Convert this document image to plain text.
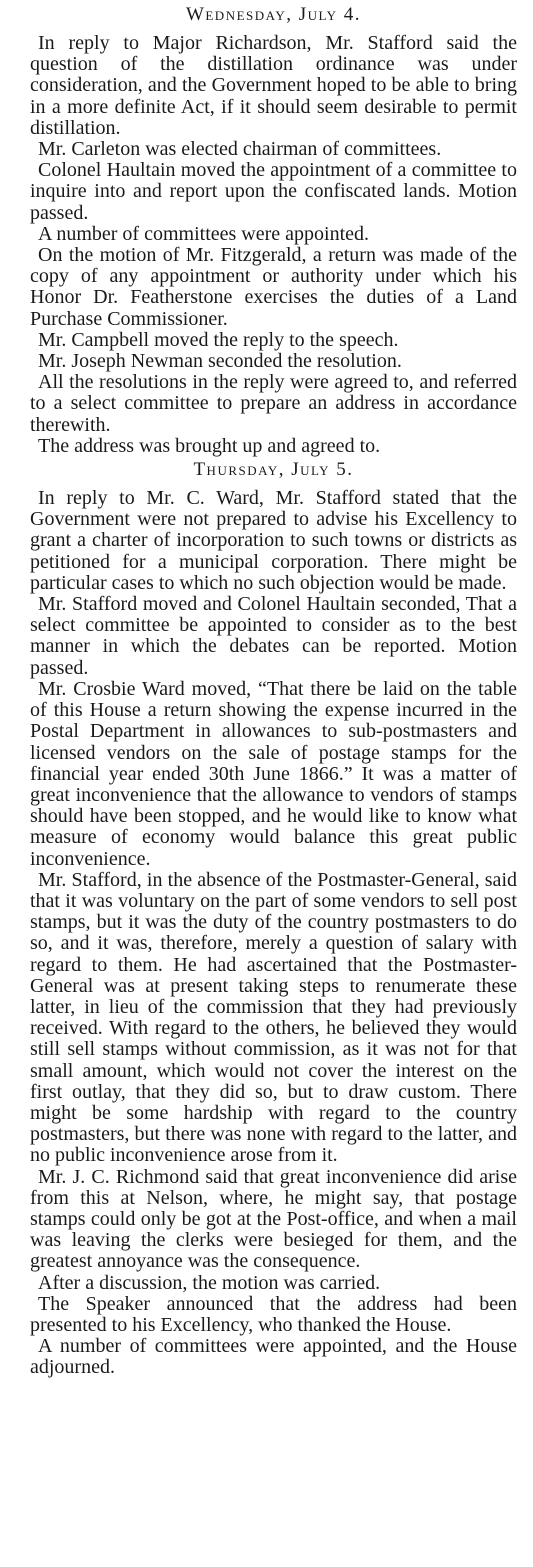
Wednesday, July 4.

In reply to Major Richardson, Mr. Stafford said the question of the distillation ordinance was under consideration, and the Government hoped to be able to bring in a more definite Act, if it should seem desirable to permit distillation.

Mr. Carleton was elected chairman of committees.

Colonel Haultain moved the appointment of a committee to inquire into and report upon the confiscated lands. Motion passed.

A number of committees were appointed.

On the motion of Mr. Fitzgerald, a return was made of the copy of any appointment or authority under which his Honor Dr. Featherstone exercises the duties of a Land Purchase Commissioner.

Mr. Campbell moved the reply to the speech.

Mr. Joseph Newman seconded the resolution.

All the resolutions in the reply were agreed to, and referred to a select committee to prepare an address in accordance therewith.

The address was brought up and agreed to.

Thursday, July 5.

In reply to Mr. C. Ward, Mr. Stafford stated that the Government were not prepared to advise his Excellency to grant a charter of incorporation to such towns or districts as petitioned for a municipal corporation. There might be particular cases to which no such objection would be made.

Mr. Stafford moved and Colonel Haultain seconded, That a select committee be appointed to consider as to the best manner in which the debates can be reported. Motion passed.

Mr. Crosbie Ward moved, “That there be laid on the table of this House a return showing the expense incurred in the Postal Department in allowances to sub-postmasters and licensed vendors on the sale of postage stamps for the financial year ended 30th June 1866.” It was a matter of great inconvenience that the allowance to vendors of stamps should have been stopped, and he would like to know what measure of economy would balance this great public inconvenience.

Mr. Stafford, in the absence of the Postmaster-General, said that it was voluntary on the part of some vendors to sell post stamps, but it was the duty of the country postmasters to do so, and it was, therefore, merely a question of salary with regard to them. He had ascertained that the Postmaster-General was at present taking steps to renumerate these latter, in lieu of the commission that they had previously received. With regard to the others, he believed they would still sell stamps without commission, as it was not for that small amount, which would not cover the interest on the first outlay, that they did so, but to draw custom. There might be some hardship with regard to the country postmasters, but there was none with regard to the latter, and no public inconvenience arose from it.

Mr. J. C. Richmond said that great inconvenience did arise from this at Nelson, where, he might say, that postage stamps could only be got at the Post-office, and when a mail was leaving the clerks were besieged for them, and the greatest annoyance was the consequence.

After a discussion, the motion was carried.

The Speaker announced that the address had been presented to his Excellency, who thanked the House.

A number of committees were appointed, and the House adjourned.
